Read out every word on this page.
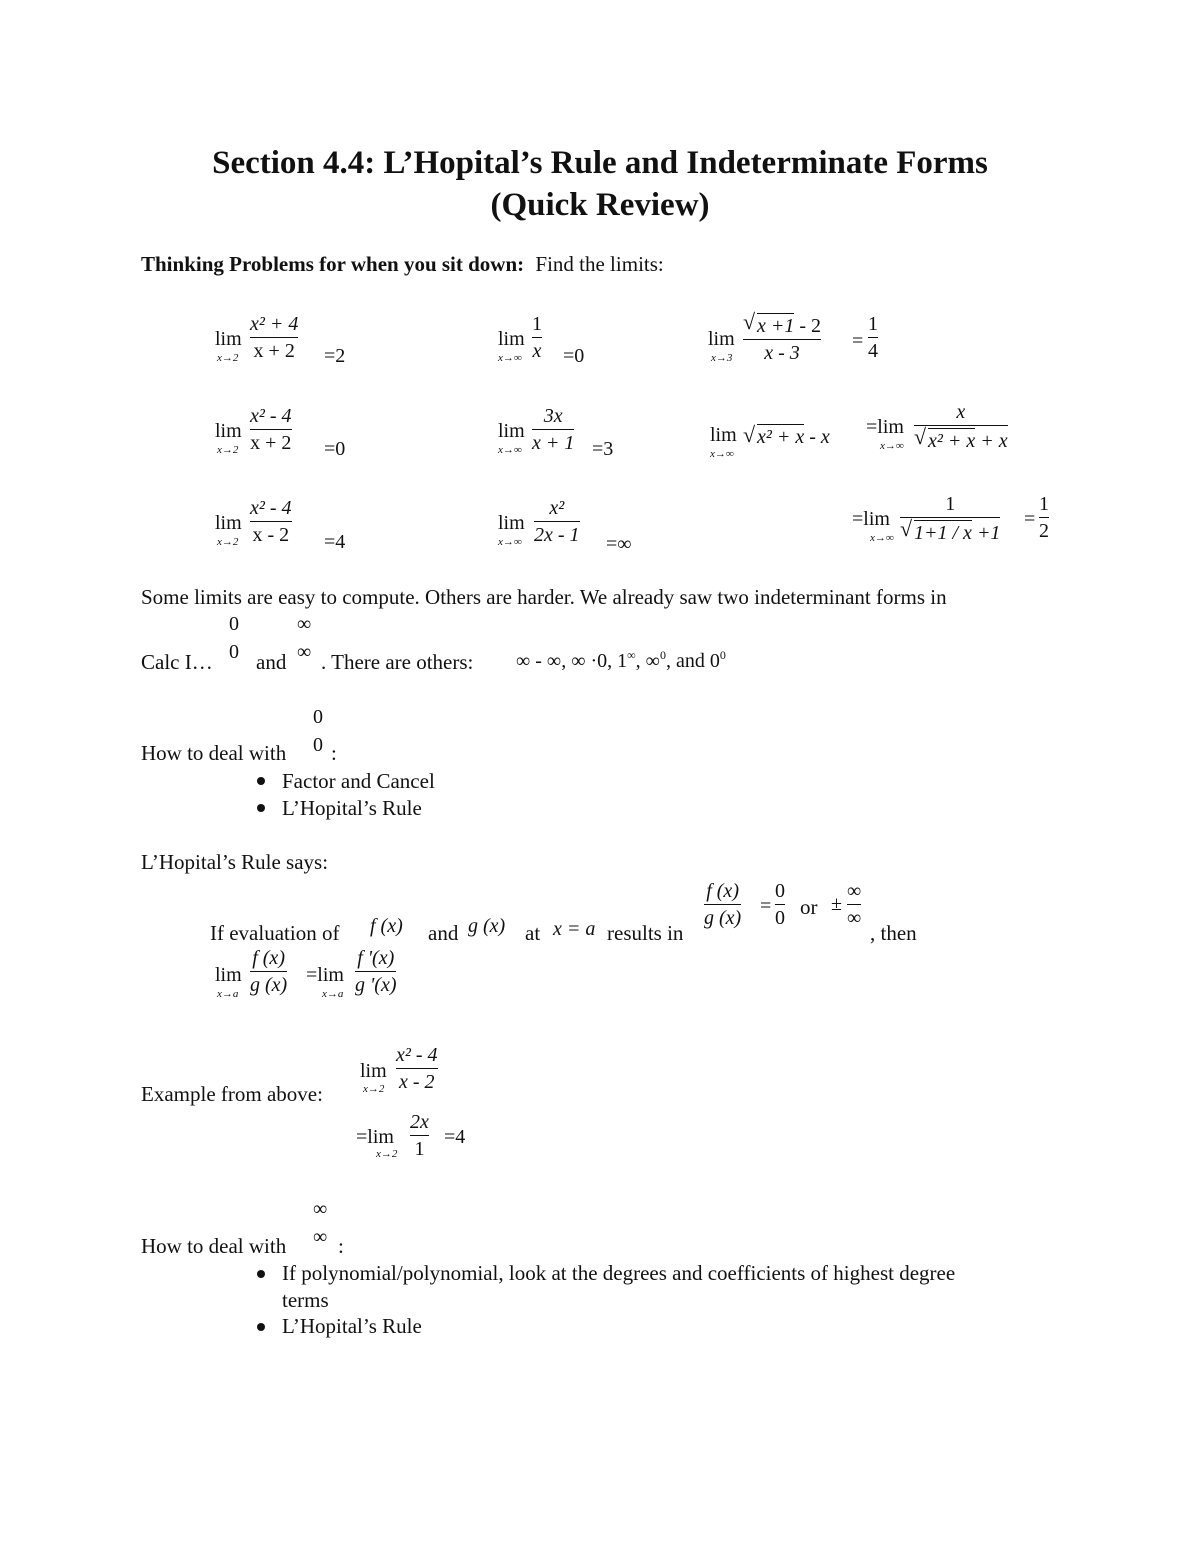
Section 4.4: L’Hopital’s Rule and Indeterminate Forms
(Quick Review)
Thinking Problems for when you sit down: Find the limits:
lim
x→2
x² + 4
x + 2 =2
lim
x→∞
1
x =0
lim
x→3
√ x +1 - 2
x - 3
=
1
4
lim
x→2
x² - 4
x + 2 =0
lim
x→∞
3x
x + 1 =3
lim
x→∞
√ x² + x - x =lim
x→∞
x
√ x² + x + x
lim
x→2
x² - 4
x - 2 =4
lim
x→∞
x²
2x - 1 =∞
=lim
x→∞
1
√ 1+1 / x +1
=
1
2
Some limits are easy to compute. Others are harder. We already saw two indeterminant forms in
Calc I…
0
0 and
∞
∞ . There are others: ∞ - ∞, ∞ ·0, 1∞, ∞$^0$, and $0^0$
0
0
How to deal with :
Factor and Cancel
L’Hopital’s Rule
L’Hopital’s Rule says:
If evaluation of f (x) and g (x) at x = a results in
f (x)
g (x)
=
0
0 or ±
∞
∞
, then
lim
x→a
f (x)
g (x) =lim
x→a
f '(x)
g '(x)
lim
x→2
x² - 4
x - 2
Example from above:
=lim
x→2
2x
1
=4
∞
∞
How to deal with :
If polynomial/polynomial, look at the degrees and coefficients of highest degree
terms
L’Hopital’s Rule
